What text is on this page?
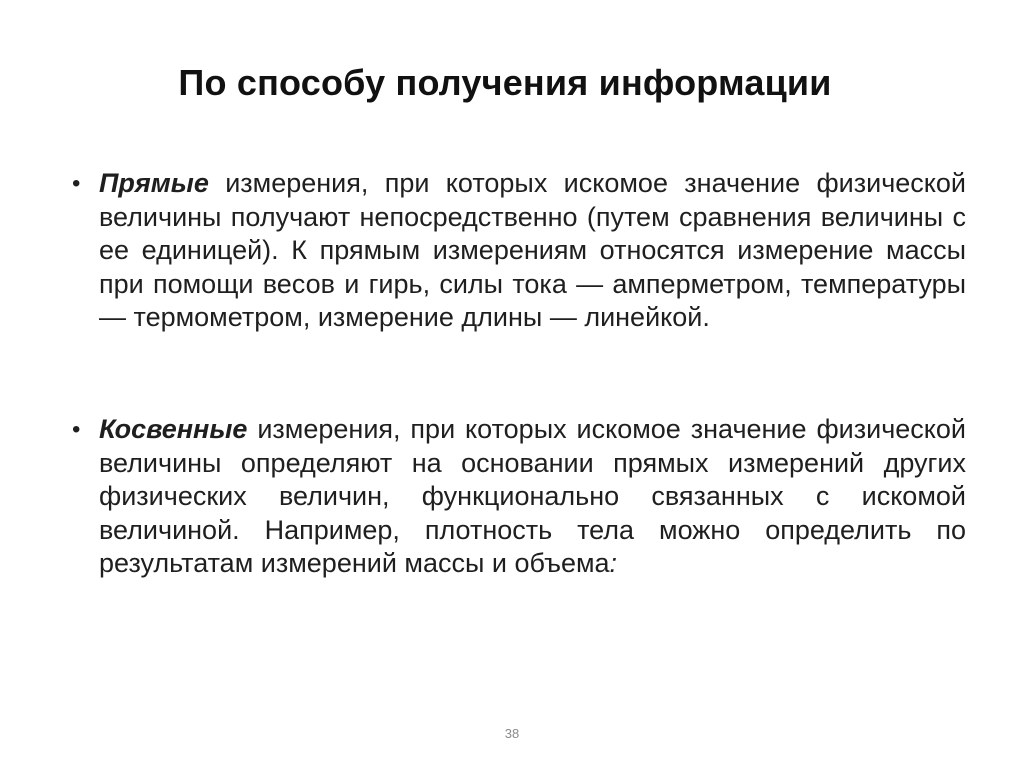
По способу получения информации
• Прямые измерения, при которых искомое значение физической величины получают непосредственно (путем сравнения величины с ее единицей). К прямым измерениям относятся измерение массы при помощи весов и гирь, силы тока — амперметром, температуры — термометром, измерение длины — линейкой.
• Косвенные измерения, при которых искомое значение физической величины определяют на основании прямых измерений других физических величин, функционально связанных с искомой величиной. Например, плотность тела можно определить по результатам измерений массы и объема:
38
